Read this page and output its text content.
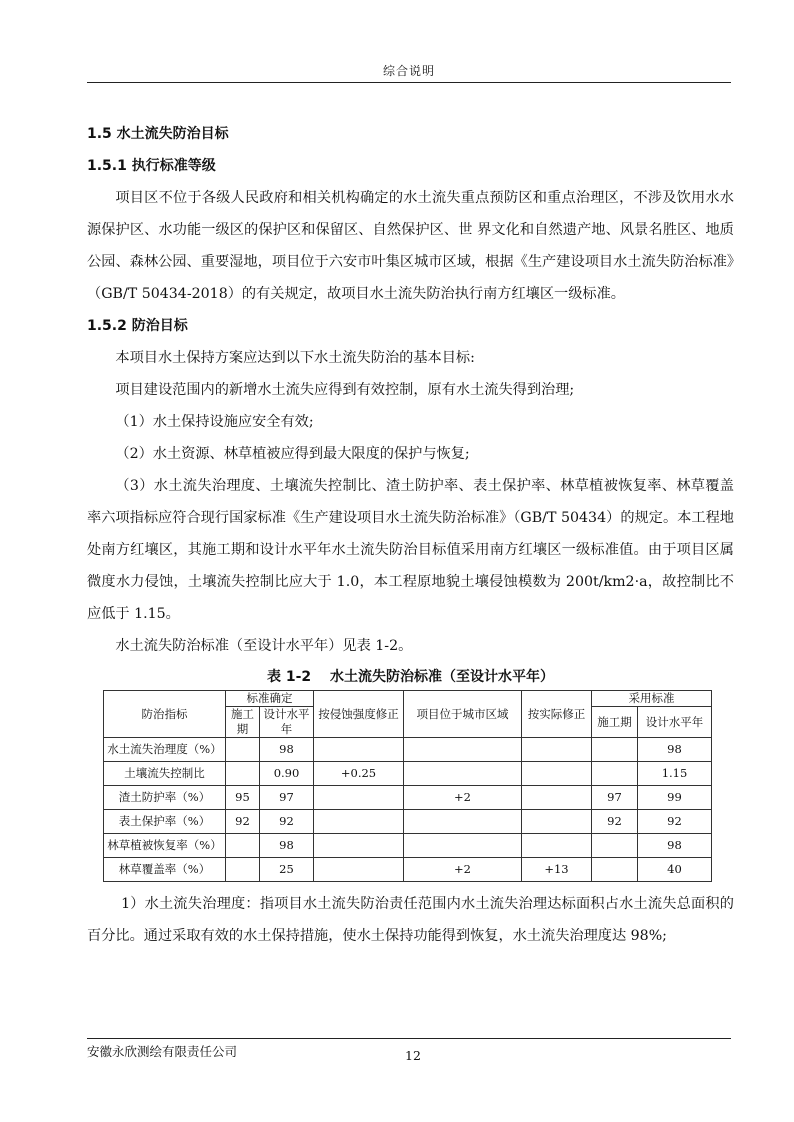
综合说明
1.5 水土流失防治目标
1.5.1 执行标准等级

项目区不位于各级人民政府和相关机构确定的水土流失重点预防区和重点治理区，不涉及饮用水水源保护区、水功能一级区的保护区和保留区、自然保护区、世 界文化和自然遗产地、风景名胜区、地质公园、森林公园、重要湿地，项目位于六安市叶集区城市区域，根据《生产建设项目水土流失防治标准》（GB/T 50434-2018）的有关规定，故项目水土流失防治执行南方红壤区一级标准。

1.5.2 防治目标

本项目水土保持方案应达到以下水土流失防治的基本目标:

项目建设范围内的新增水土流失应得到有效控制，原有水土流失得到治理;

（1）水土保持设施应安全有效;

（2）水土资源、林草植被应得到最大限度的保护与恢复;

（3）水土流失治理度、土壤流失控制比、渣土防护率、表土保护率、林草植被恢复率、林草覆盖率六项指标应符合现行国家标准《生产建设项目水土流失防治标准》（GB/T 50434）的规定。本工程地处南方红壤区，其施工期和设计水平年水土流失防治目标值采用南方红壤区一级标准值。由于项目区属微度水力侵蚀，土壤流失控制比应大于 1.0，本工程原地貌土壤侵蚀模数为 200t/km2·a，故控制比不应低于 1.15。

水土流失防治标准（至设计水平年）见表 1-2。

表 1-2　 水土流失防治标准（至设计水平年）
防治指标	标准确定		按侵蚀强度修正	项目位于城市区域	按实际修正	采用标准	
	施工期	设计水平年				施工期	设计水平年
水土流失治理度（%）		98					98
土壤流失控制比		0.90	+0.25				1.15
渣土防护率（%）	95	97		+2		97	99
表土保护率（%）	92	92				92	92
林草植被恢复率（%）		98					98
林草覆盖率（%）		25		+2	+13		40

1）水土流失治理度：指项目水土流失防治责任范围内水土流失治理达标面积占水土流失总面积的百分比。通过采取有效的水土保持措施，使水土保持功能得到恢复，水土流失治理度达 98%;

安徽永欣测绘有限责任公司	12
